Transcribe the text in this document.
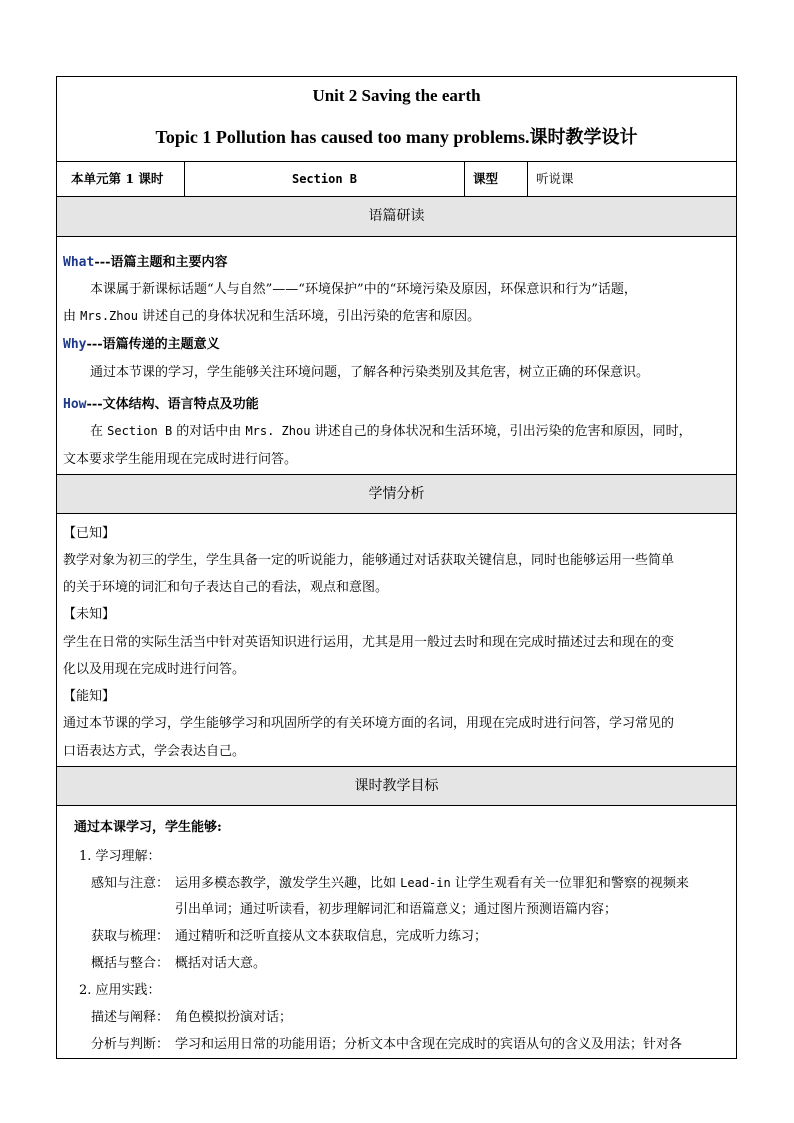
Unit 2 Saving the earth
Topic 1 Pollution has caused too many problems.课时教学设计
本单元第 1 课时	Section B	课型	听说课
语篇研读
What---语篇主题和主要内容
本课属于新课标话题“人与自然”——“环境保护”中的“环境污染及原因，环保意识和行为”话题，
由 Mrs.Zhou 讲述自己的身体状况和生活环境，引出污染的危害和原因。
Why---语篇传递的主题意义
通过本节课的学习，学生能够关注环境问题，了解各种污染类别及其危害，树立正确的环保意识。
How---文体结构、语言特点及功能
在 Section B 的对话中由 Mrs. Zhou 讲述自己的身体状况和生活环境，引出污染的危害和原因，同时，
文本要求学生能用现在完成时进行问答。
学情分析
【已知】
教学对象为初三的学生，学生具备一定的听说能力，能够通过对话获取关键信息，同时也能够运用一些简单
的关于环境的词汇和句子表达自己的看法，观点和意图。
【未知】
学生在日常的实际生活当中针对英语知识进行运用，尤其是用一般过去时和现在完成时描述过去和现在的变
化以及用现在完成时进行问答。
【能知】
通过本节课的学习，学生能够学习和巩固所学的有关环境方面的名词，用现在完成时进行问答，学习常见的
口语表达方式，学会表达自己。
课时教学目标
通过本课学习，学生能够:
1. 学习理解：
感知与注意： 运用多模态教学，激发学生兴趣，比如 Lead-in 让学生观看有关一位罪犯和警察的视频来
引出单词；通过听读看，初步理解词汇和语篇意义；通过图片预测语篇内容；
获取与梳理： 通过精听和泛听直接从文本获取信息，完成听力练习；
概括与整合： 概括对话大意。
2. 应用实践：
描述与阐释： 角色模拟扮演对话；
分析与判断： 学习和运用日常的功能用语；分析文本中含现在完成时的宾语从句的含义及用法；针对各
